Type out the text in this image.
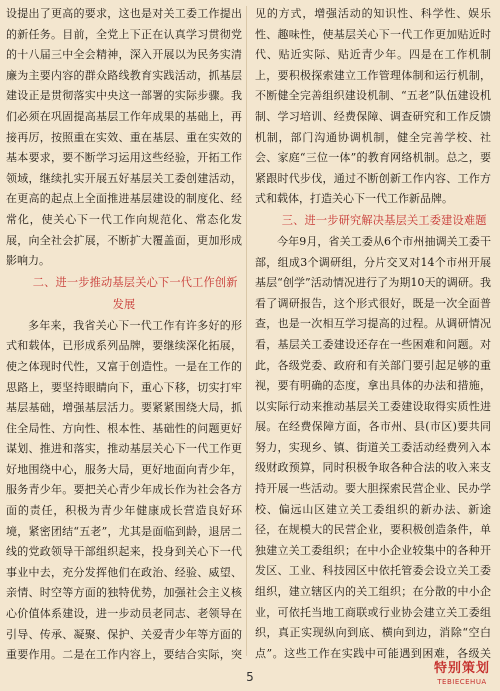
设提出了更高的要求，这也是对关工委工作提出的新任务。目前，全党上下正在认真学习贯彻党的十八届三中全会精神，深入开展以为民务实清廉为主要内容的群众路线教育实践活动，抓基层建设正是贯彻落实中央这一部署的实际步骤。我们必须在巩固提高基层工作年成果的基础上，再接再厉，按照重在实效、重在基层、重在实效的基本要求，要不断学习运用这些经验，开拓工作领域，继续扎实开展五好基层关工委创建活动，在更高的起点上全面推进基层建设的制度化、经常化，使关心下一代工作向规范化、常态化发展，向全社会扩展，不断扩大覆盖面，更加形成影响力。

二、进一步推动基层关心下一代工作创新发展

多年来，我省关心下一代工作有许多好的形式和载体，已形成系列品牌，要继续深化拓展，使之体现时代性，又富于创造性。一是在工作的思路上，要坚持眼睛向下，重心下移，切实打牢基层基础，增强基层活力。要紧紧围绕大局，抓住全局性、方向性、根本性、基础性的问题更好谋划、推进和落实，推动基层关心下一代工作更好地围绕中心，服务大局，更好地面向青少年，服务青少年。要把关心青少年成长作为社会各方面的责任，积极为青少年健康成长营造良好环境，紧密团结“五老”，尤其是面临到龄，退居二线的党政领导干部组织起来，投身到关心下一代事业中去，充分发挥他们在政治、经验、威望、亲情、时空等方面的独特优势，加强社会主义核心价值体系建设，进一步动员老同志、老领导在引导、传承、凝聚、保护、关爱青少年等方面的重要作用。二是在工作内容上，要结合实际，突

见的方式，增强活动的知识性、科学性、娱乐性、趣味性，使基层关心下一代工作更加贴近时代、贴近实际、贴近青少年。四是在工作机制上，要积极探索建立工作管理体制和运行机制，不断健全完善组织建设机制、“五老”队伍建设机制、学习培训、经费保障、调查研究和工作反馈机制，部门沟通协调机制，健全完善学校、社会、家庭“三位一体”的教育网络机制。总之，要紧跟时代步伐，通过不断创新工作内容、工作方式和载体，打造关心下一代工作新品牌。

三、进一步研究解决基层关工委建设难题

今年9月，省关工委从6个市州抽调关工委干部，组成3个调研组，分片交叉对14个市州开展基层“创学”活动情况进行了为期10天的调研。我看了调研报告，这个形式很好，既是一次全面普查，也是一次相互学习提高的过程。从调研情况看，基层关工委建设还存在一些困难和问题。对此，各级党委、政府和有关部门要引起足够的重视，要有明确的态度，拿出具体的办法和措施，以实际行动来推动基层关工委建设取得实质性进展。在经费保障方面，各市州、县(市区)要共同努力，实现乡、镇、街道关工委活动经费列入本级财政预算，同时积极争取各种合法的收入来支持开展一些活动。要大胆探索民营企业、民办学校、偏远山区建立关工委组织的新办法、新途径，在规模大的民营企业，要积极创造条件，单独建立关工委组织；在中小企业较集中的各种开发区、工业、科技园区中依托管委会设立关工委组织，建立辖区内的关工组织；在分散的中小企业，可依托当地工商联或行业协会建立关工委组织，真正实现纵向到底、横向到边，消除“空白点”。这些工作在实践中可能遇到困难，各级关

5
特别策划
TEBIECEHUA
